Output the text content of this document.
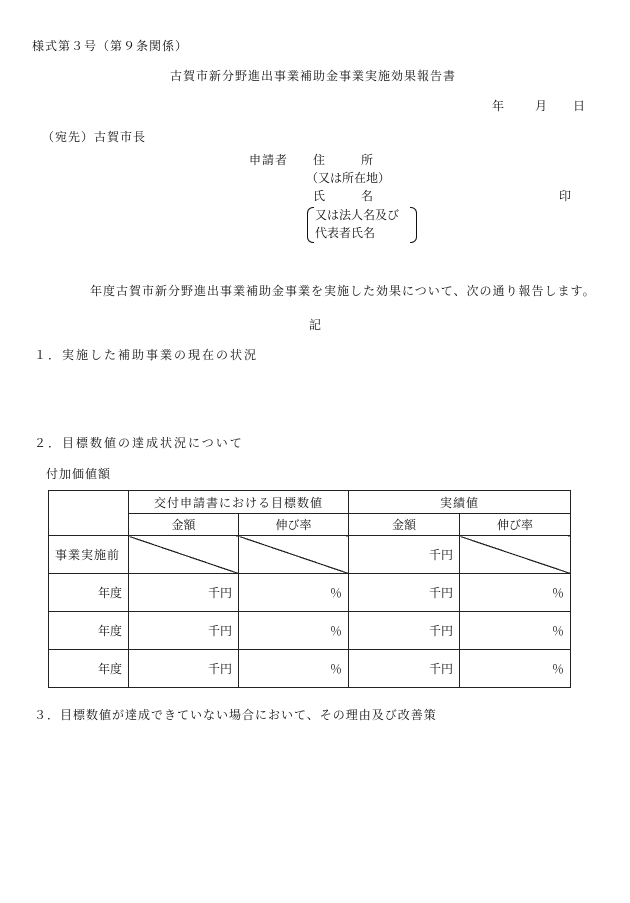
様式第３号（第９条関係）
古賀市新分野進出事業補助金事業実施効果報告書
年	月 日
（宛先）古賀市長
申請者 住　　　所
（又は所在地）
氏　　　名	印
又は法人名及び
代表者氏名
年度古賀市新分野進出事業補助金事業を実施した効果について、次の通り報告します。
記
１．実施した補助事業の現在の状況
２．目標数値の達成状況について
付加価値額
	交付申請書における目標数値		実績値	
	金額	伸び率	金額	伸び率
事業実施前			千円	
年度	千円	％	千円	％
年度	千円	％	千円	％
年度	千円	％	千円	％
３．目標数値が達成できていない場合において、その理由及び改善策
